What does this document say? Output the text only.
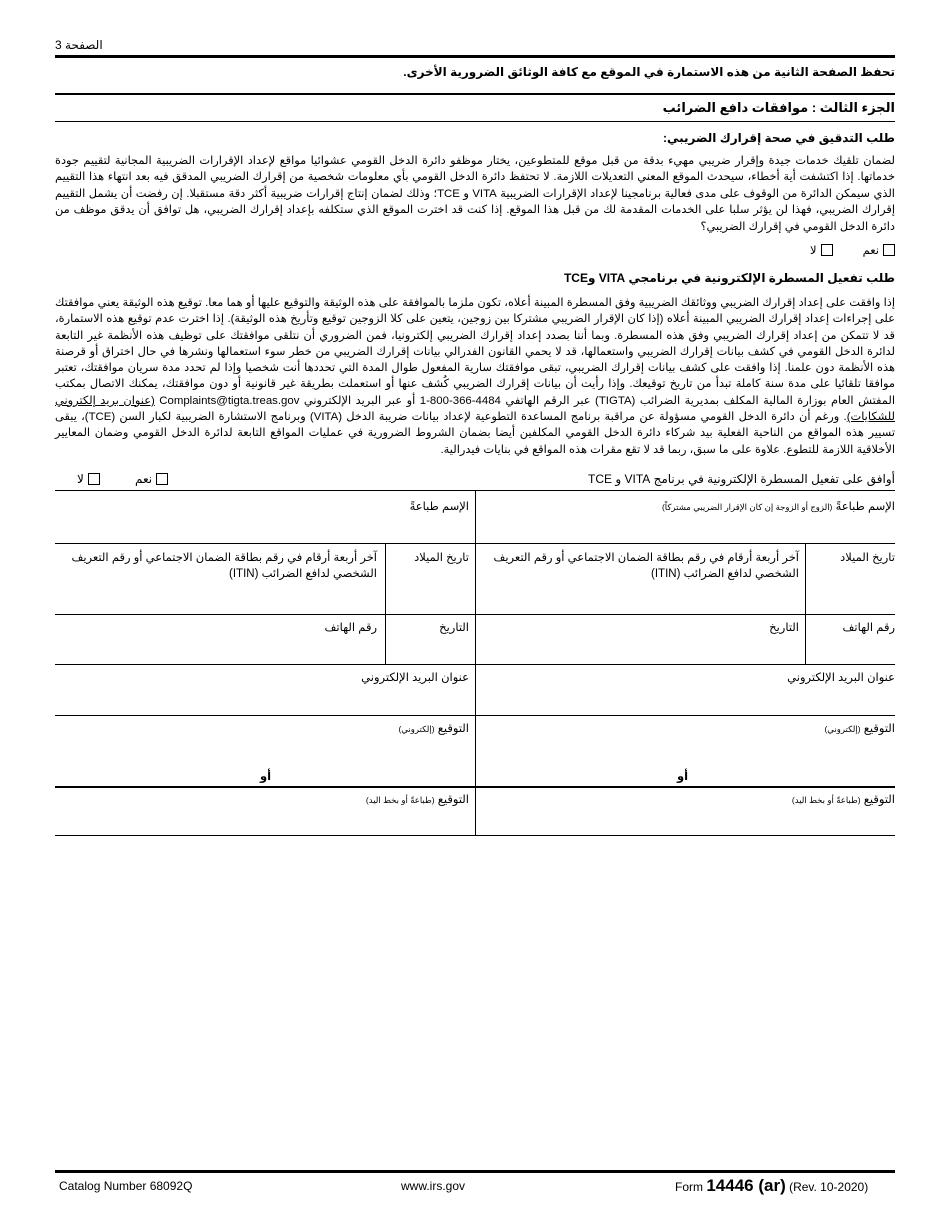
الصفحة 3
تحفظ الصفحة الثانية من هذه الاستمارة في الموقع مع كافة الوثائق الضرورية الأخرى.
الجزء الثالث : موافقات دافع الضرائب
طلب التدقيق في صحة إقرارك الضريبي:
لضمان تلقيك خدمات جيدة وإقرار ضريبي مهيء بدقة من قبل موقع للمتطوعين، يختار موظفو دائرة الدخل القومي عشوائيا مواقع لإعداد الإقرارات الضريبية المجانية لتقييم جودة خدماتها. إذا اكتشفت أية أخطاء، سيحدث الموقع المعني التعديلات اللازمة. لا تحتفظ دائرة الدخل القومي بأي معلومات شخصية من إقرارك الضريبي المدقق فيه بعد انتهاء هذا التقييم الذي سيمكن الدائرة من الوقوف على مدى فعالية برنامجينا لإعداد الإقرارات الضريبية VITA و TCE؛ وذلك لضمان إنتاج إقرارات ضريبية أكثر دقة مستقبلا. إن رفضت أن يشمل التقييم إقرارك الضريبي، فهذا لن يؤثر سلبا على الخدمات المقدمة لك من قبل هذا الموقع. إذا كنت قد اخترت الموقع الذي ستكلفه بإعداد إقرارك الضريبي، هل توافق أن يدقق موظف من دائرة الدخل القومي في إقرارك الضريبي؟
نعم
لا
طلب تفعيل المسطرة الإلكترونية في برنامجي VITA وTCE
إذا وافقت على إعداد إقرارك الضريبي ووثائقك الضريبية وفق المسطرة المبينة أعلاه، تكون ملزما بالموافقة على هذه الوثيقة والتوقيع عليها أو هما معا. توقيع هذه الوثيقة يعني موافقتك على إجراءات إعداد إقرارك الضريبي المبينة أعلاه (إذا كان الإقرار الضريبي مشتركا بين زوجين، يتعين على كلا الزوجين توقيع وتأريخ هذه الوثيقة). إذا اخترت عدم توقيع هذه الاستمارة، قد لا تتمكن من إعداد إقرارك الضريبي وفق هذه المسطرة. وبما أننا بصدد إعداد إقرارك الضريبي إلكترونيا، فمن الضروري أن نتلقى موافقتك على توظيف هذه الأنظمة غير التابعة لدائرة الدخل القومي في كشف بيانات إقرارك الضريبي واستعمالها، قد لا يحمي القانون الفدرالي بيانات إقرارك الضريبي من خطر سوء استعمالها ونشرها في حال اختراق أو قرصنة هذه الأنظمة دون علمنا. إذا وافقت على كشف بيانات إقرارك الضريبي، تبقى موافقتك سارية المفعول طوال المدة التي تحددها أنت شخصيا وإذا لم تحدد مدة سريان موافقتك، تعتبر موافقا تلقائيا على مدة سنة كاملة تبدأ من تاريخ توقيعك. وإذا رأيت أن بيانات إقرارك الضريبي كُشف عنها أو استعملت بطريقة غير قانونية أو دون موافقتك، يمكنك الاتصال بمكتب المفتش العام بوزارة المالية المكلف بمديرية الضرائب (TIGTA) عبر الرقم الهاتفي 4484-366-800-1 أو عبر البريد الإلكتروني Complaints@tigta.treas.gov (عنوان بريد إلكتروني للشكايات). ورغم أن دائرة الدخل القومي مسؤولة عن مراقبة برنامج المساعدة التطوعية لإعداد بيانات ضريبة الدخل (VITA) وبرنامج الاستشارة الضريبية لكبار السن (TCE)، يبقى تسيير هذه المواقع من الناحية الفعلية بيد شركاء دائرة الدخل القومي المكلفين أيضا بضمان الشروط الضرورية في عمليات المواقع التابعة لدائرة الدخل القومي وضمان المعايير الأخلاقية اللازمة للتطوع. علاوة على ما سبق، ربما قد لا تقع مقرات هذه المواقع في بنايات فيدرالية.
أوافق على تفعيل المسطرة الإلكترونية في برنامج VITA و TCE
نعم
لا
الإسم طباعةً (الزوج أو الزوجة إن كان الإقرار الضريبي مشتركاً)
تاريخ الميلاد
آخر أربعة أرقام في رقم بطاقة الضمان الاجتماعي أو رقم التعريف الشخصي لدافع الضرائب (ITIN)
رقم الهاتف
التاريخ
عنوان البريد الإلكتروني
التوقيع (إلكتروني)
أو
التوقيع (طباعةً أو بخط اليد)
الإسم طباعةً
تاريخ الميلاد
آخر أربعة أرقام في رقم بطاقة الضمان الاجتماعي أو رقم التعريف الشخصي لدافع الضرائب (ITIN)
التاريخ
رقم الهاتف
عنوان البريد الإلكتروني
التوقيع (إلكتروني)
أو
التوقيع (طباعةً أو بخط اليد)
Catalog Number 68092Q	www.irs.gov	Form 14446 (ar) (Rev. 10-2020)
